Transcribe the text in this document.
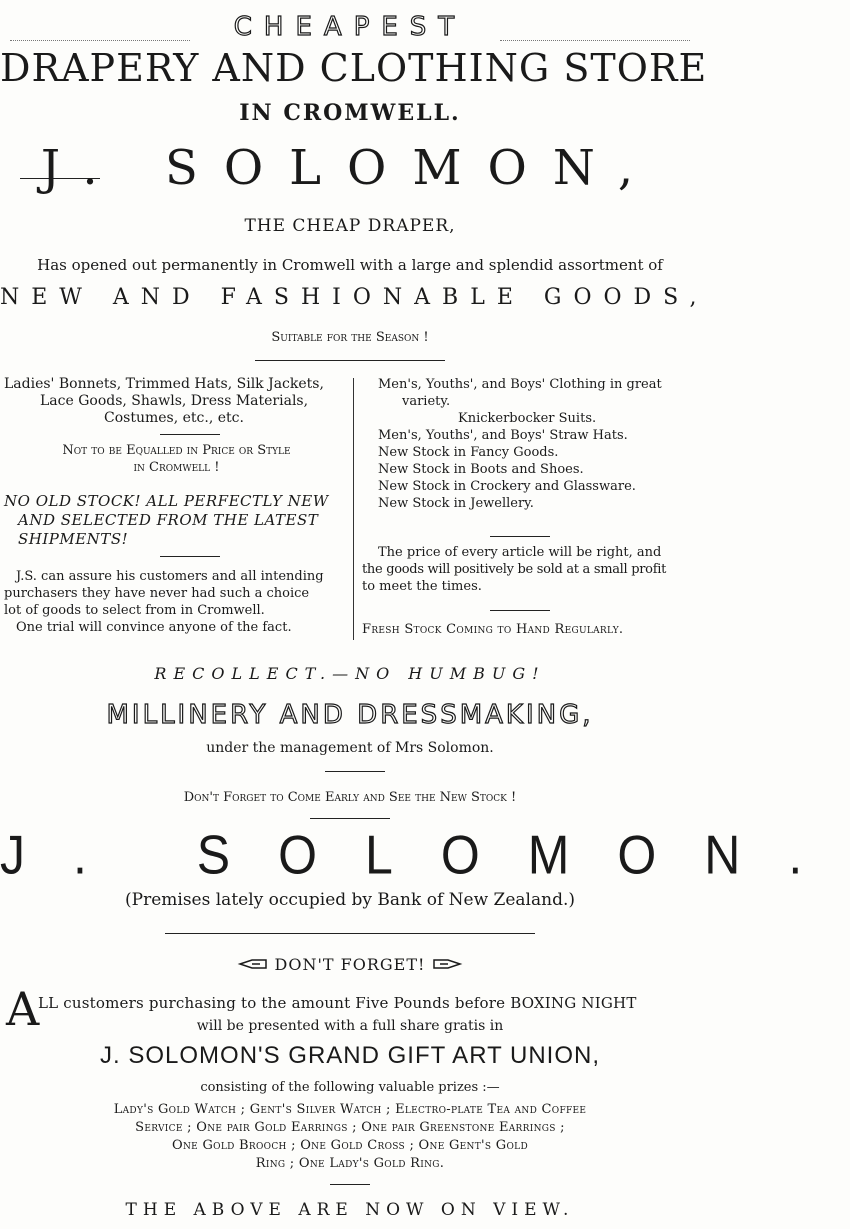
CHEAPEST
DRAPERY AND CLOTHING STORE
IN CROMWELL.
J. SOLOMON,
THE CHEAP DRAPER,
Has opened out permanently in Cromwell with a large and splendid assortment of
NEW AND FASHIONABLE GOODS,
Suitable for the Season !

Ladies' Bonnets, Trimmed Hats, Silk Jackets,

Lace Goods, Shawls, Dress Materials,

Costumes, etc., etc.

Not to be Equalled in Price or Style

in Cromwell !

NO OLD STOCK! ALL PERFECTLY NEW

AND SELECTED FROM THE LATEST

SHIPMENTS!

J.S. can assure his customers and all intending

purchasers they have never had such a choice

lot of goods to select from in Cromwell.

One trial will convince anyone of the fact.

Men's, Youths', and Boys' Clothing in great

variety.

Knickerbocker Suits.

Men's, Youths', and Boys' Straw Hats.

New Stock in Fancy Goods.

New Stock in Boots and Shoes.

New Stock in Crockery and Glassware.

New Stock in Jewellery.

The price of every article will be right, and

the goods will positively be sold at a small profit

to meet the times.

Fresh Stock Coming to Hand Regularly.
RECOLLECT.—NO HUMBUG!
MILLINERY AND DRESSMAKING,
under the management of Mrs Solomon.
Don't Forget to Come Early and See the New Stock !
J. SOLOMON.
(Premises lately occupied by Bank of New Zealand.)
DON'T FORGET!
A
LL customers purchasing to the amount Five Pounds before BOXING NIGHT
will be presented with a full share gratis in
J. SOLOMON'S GRAND GIFT ART UNION,
consisting of the following valuable prizes :—
Lady's Gold Watch ; Gent's Silver Watch ; Electro-plate Tea and Coffee
Service ; One pair Gold Earrings ; One pair Greenstone Earrings ;
One Gold Brooch ; One Gold Cross ; One Gent's Gold
Ring ; One Lady's Gold Ring.
THE ABOVE ARE NOW ON VIEW.
